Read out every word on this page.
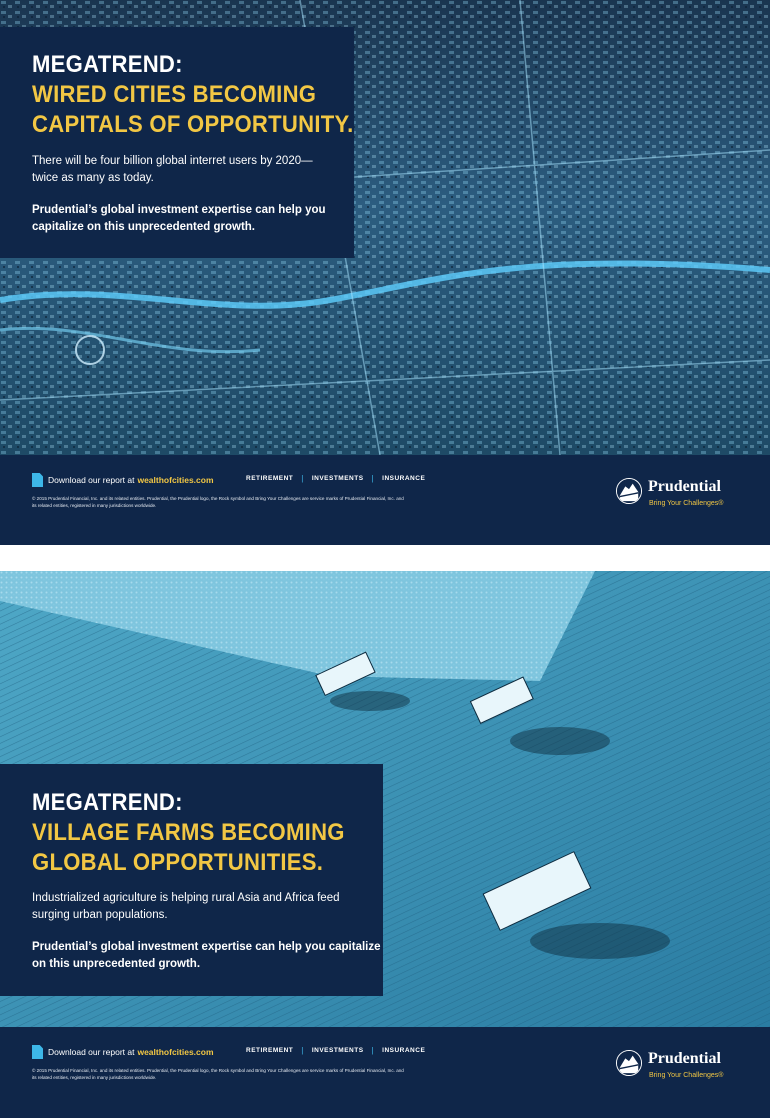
MEGATREND:
WIRED CITIES BECOMING
CAPITALS OF OPPORTUNITY.
There will be four billion global interret users by 2020—
twice as many as today.
Prudential’s global investment expertise can help you
capitalize on this unprecedented growth.
Download our report at wealthofcities.com	RETIREMENT | INVESTMENTS | INSURANCE
© 2015 Prudential Financial, Inc. and its related entities. Prudential, the Prudential logo, the Rock symbol and Bring Your Challenges are service marks of Prudential Financial, Inc. and
its related entities, registered in many jurisdictions worldwide.
Prudential
Bring Your Challenges®
MEGATREND:
VILLAGE FARMS BECOMING
GLOBAL OPPORTUNITIES.
Industrialized agriculture is helping rural Asia and Africa feed
surging urban populations.
Prudential’s global investment expertise can help you capitalize
on this unprecedented growth.
Download our report at wealthofcities.com	RETIREMENT | INVESTMENTS | INSURANCE
© 2015 Prudential Financial, Inc. and its related entities. Prudential, the Prudential logo, the Rock symbol and Bring Your Challenges are service marks of Prudential Financial, Inc. and
its related entities, registered in many jurisdictions worldwide.
Prudential
Bring Your Challenges®
